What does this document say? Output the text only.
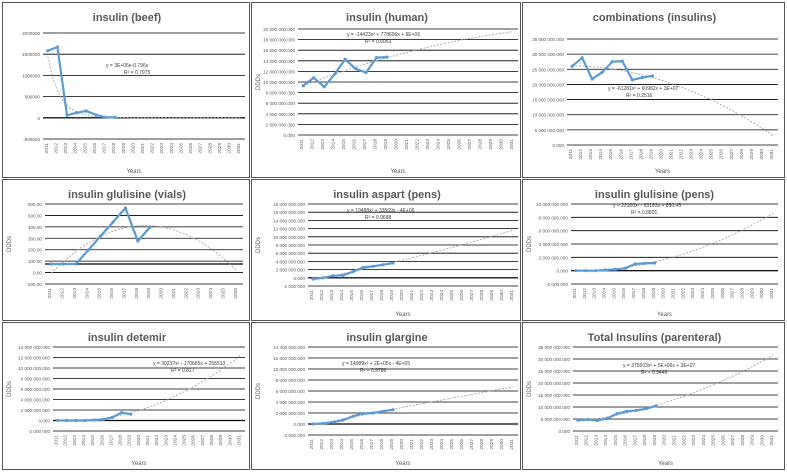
insulin (beef)
-500000
0
500000
1000000
1500000
2000000
2011 2012 2013 2014 2015 2016 2017 2018 2019 2020 2021 2022 2023 2024 2025 2026 2027 2028 2029 2030 2031
Years
y = 3E+06e-0.796x
R² = 0.7975
insulin (human)
0.000
2 000 000.000
4 000 000.000
6 000 000.000
8 000 000.000
10 000 000.000
12 000 000.000
14 000 000.000
16 000 000.000
18 000 000.000
20 000 000.000
2011 2012 2013 2014 2015 2016 2017 2018 2019 2020 2021 2022 2023 2024 2025 2026 2027 2028 2029 2030 2031
Years
DDDs
y = -14423x² + 778696x + 9E+06
R² = 0.6063
combinations (insulins)
0.000
5 000 000.000
10 000 000.000
15 000 000.000
20 000 000.000
25 000 000.000
30 000 000.000
35 000 000.000
2011 2012 2013 2014 2015 2016 2017 2018 2019 2020 2021 2022 2023 2024 2025 2026 2027 2028 2029 2030 2031
Years
y = -61281x² + 60982x + 3E+07
R² = 0.2516
insulin glulisine (vials)
-200.00
0.00
100.00
200.00
300.00
400.00
500.00
600.00
2011 2012 2013 2014 2015 2016 2017 2018 2019 2020 2021 2022 2023 2024 2025 2026
DDDs
insulin aspart (pens)
-2 000 000
0.000
2 000 000.000
4 000 000.000
6 000 000.000
8 000 000.000
10 000 000.000
12 000 000.000
14 000 000.000
16 000 000.000
18 000 000.000
2011 2012 2013 2014 2015 2016 2017 2018 2019 2020 2021 2022 2023 2024 2025 2026 2027 2028 2029 2030 2031
Years
DDDs
y = 19488x² + 33569x - 4E+06
R² = 0.9688
insulin glulisine (pens)
-2 000 000
0.000
2 000 000.000
4 000 000.000
6 000 000.000
8 000 000.000
10 000 000.000
2011 2012 2013 2014 2015 2016 2017 2018 2019 2020 2021 2022 2023 2024 2025 2026 2027 2028 2029 2030 2031
Years
DDDs
y = 22100x² - 63183x + 850.45
R² = 0.8801
insulin detemir
-2 000 000
0.000
2 000 000.000
4 000 000.000
6 000 000.000
8 000 000.000
10 000 000.000
12 000 000.000
14 000 000.000
2011 2012 2013 2014 2015 2016 2017 2018 2019 2020 2021 2022 2023 2024 2025 2026 2027 2028 2029 2030 2031
Years
DDDs
y = 30237x² - 170685x + 255513
R² = 0.817
insulin glargine
-2 000 000
0.000
2 000 000.000
4 000 000.000
6 000 000.000
8 000 000.000
10 000 000.000
12 000 000.000
14 000 000.000
2011 2012 2013 2014 2015 2016 2017 2018 2019 2020 2021 2022 2023 2024 2025 2026 2027 2028 2029 2030 2031
Years
DDDs
y = 14989x² + 2E+05x - 4E+05
R² = 0.9786
Total Insulins (parenteral)
0.000
5 000 000.000
10 000 000.000
15 000 000.000
20 000 000.000
25 000 000.000
30 000 000.000
35 000 000.000
2011 2012 2013 2014 2015 2016 2017 2018 2019 2020 2021 2022 2023 2024 2025 2026 2027 2028 2029 2030 2031
Years
DDDs
y = 375603x² + 5E+06x + 3E+07
R² = 0.9446
